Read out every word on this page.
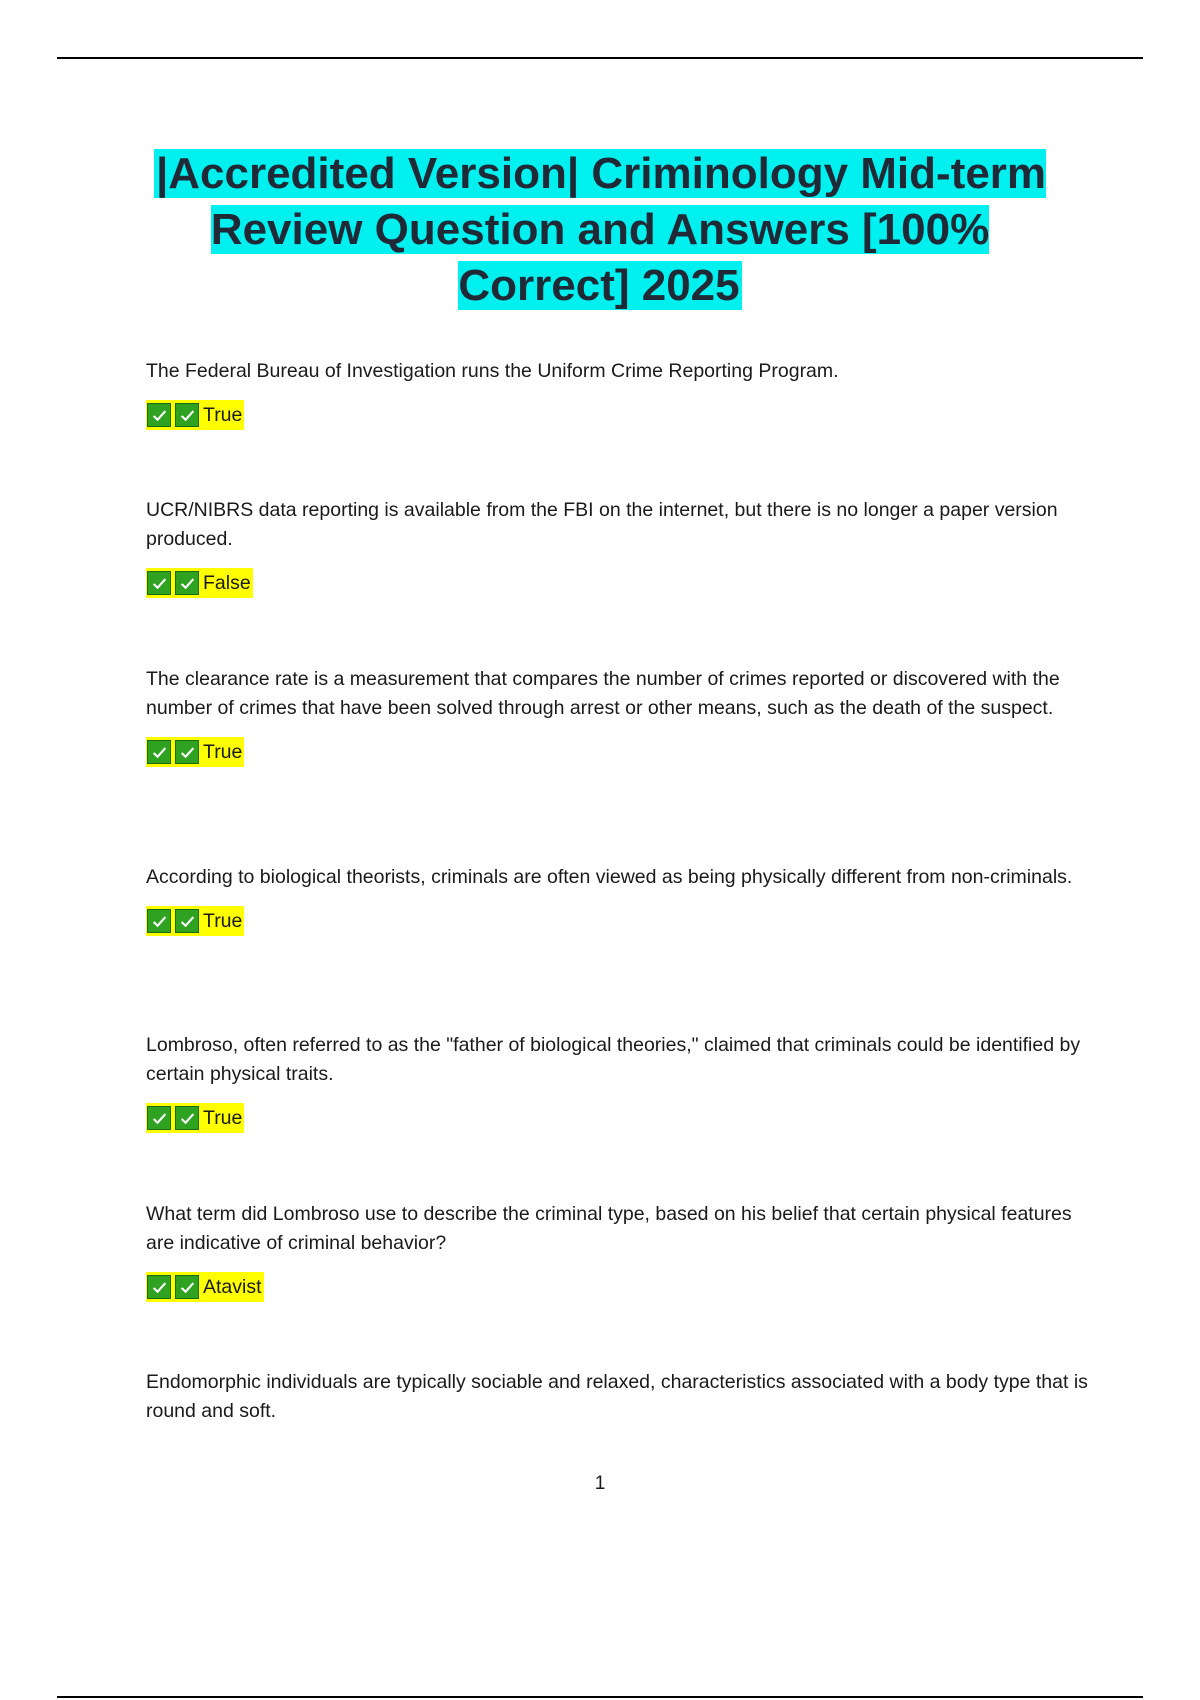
|Accredited Version| Criminology Mid-term Review Question and Answers [100% Correct] 2025

The Federal Bureau of Investigation runs the Uniform Crime Reporting Program.

True

UCR/NIBRS data reporting is available from the FBI on the internet, but there is no longer a paper version produced.

False

The clearance rate is a measurement that compares the number of crimes reported or discovered with the number of crimes that have been solved through arrest or other means, such as the death of the suspect.

True

According to biological theorists, criminals are often viewed as being physically different from non-criminals.

True

Lombroso, often referred to as the "father of biological theories," claimed that criminals could be identified by certain physical traits.

True

What term did Lombroso use to describe the criminal type, based on his belief that certain physical features are indicative of criminal behavior?

Atavist

Endomorphic individuals are typically sociable and relaxed, characteristics associated with a body type that is round and soft.

1
